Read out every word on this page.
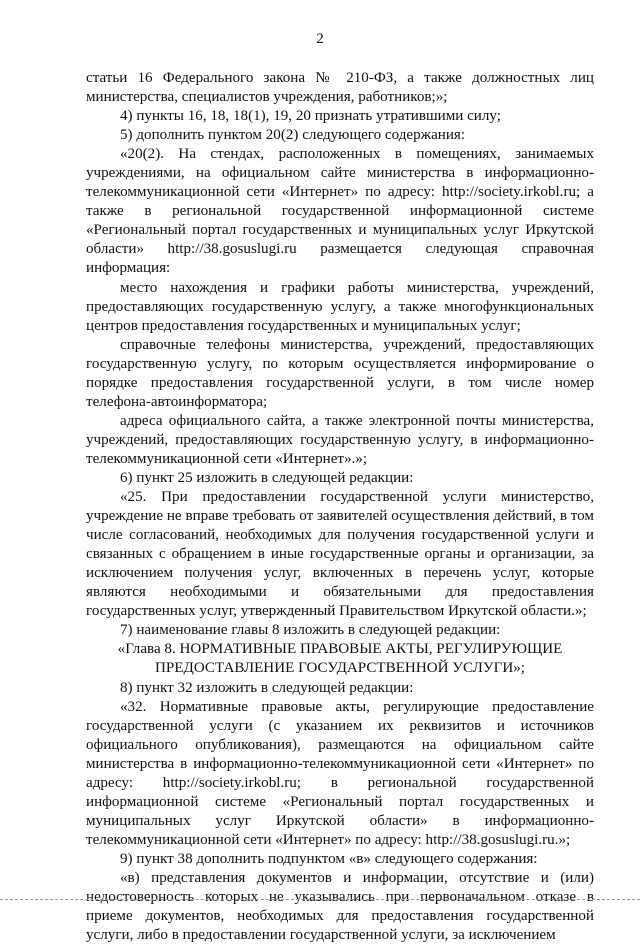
2

статьи 16 Федерального закона № 210-ФЗ, а также должностных лиц министерства, специалистов учреждения, работников;»;

4) пункты 16, 18, 18(1), 19, 20 признать утратившими силу;

5) дополнить пунктом 20(2) следующего содержания:

«20(2). На стендах, расположенных в помещениях, занимаемых учреждениями, на официальном сайте министерства в информационно-телекоммуникационной сети «Интернет» по адресу: http://society.irkobl.ru; а также в региональной государственной информационной системе «Региональный портал государственных и муниципальных услуг Иркутской области» http://38.gosuslugi.ru размещается следующая справочная информация:

место нахождения и графики работы министерства, учреждений, предоставляющих государственную услугу, а также многофункциональных центров предоставления государственных и муниципальных услуг;

справочные телефоны министерства, учреждений, предоставляющих государственную услугу, по которым осуществляется информирование о порядке предоставления государственной услуги, в том числе номер телефона-автоинформатора;

адреса официального сайта, а также электронной почты министерства, учреждений, предоставляющих государственную услугу, в информационно-телекоммуникационной сети «Интернет».»;

6) пункт 25 изложить в следующей редакции:

«25. При предоставлении государственной услуги министерство, учреждение не вправе требовать от заявителей осуществления действий, в том числе согласований, необходимых для получения государственной услуги и связанных с обращением в иные государственные органы и организации, за исключением получения услуг, включенных в перечень услуг, которые являются необходимыми и обязательными для предоставления государственных услуг, утвержденный Правительством Иркутской области.»;

7) наименование главы 8 изложить в следующей редакции:

«Глава 8. НОРМАТИВНЫЕ ПРАВОВЫЕ АКТЫ, РЕГУЛИРУЮЩИЕ ПРЕДОСТАВЛЕНИЕ ГОСУДАРСТВЕННОЙ УСЛУГИ»;

8) пункт 32 изложить в следующей редакции:

«32. Нормативные правовые акты, регулирующие предоставление государственной услуги (с указанием их реквизитов и источников официального опубликования), размещаются на официальном сайте министерства в информационно-телекоммуникационной сети «Интернет» по адресу: http://society.irkobl.ru; в региональной государственной информационной системе «Региональный портал государственных и муниципальных услуг Иркутской области» в информационно-телекоммуникационной сети «Интернет» по адресу: http://38.gosuslugi.ru.»;

9) пункт 38 дополнить подпунктом «в» следующего содержания:

«в) представления документов и информации, отсутствие и (или) недостоверность которых не указывались при первоначальном отказе в приеме документов, необходимых для предоставления государственной услуги, либо в предоставлении государственной услуги, за исключением
